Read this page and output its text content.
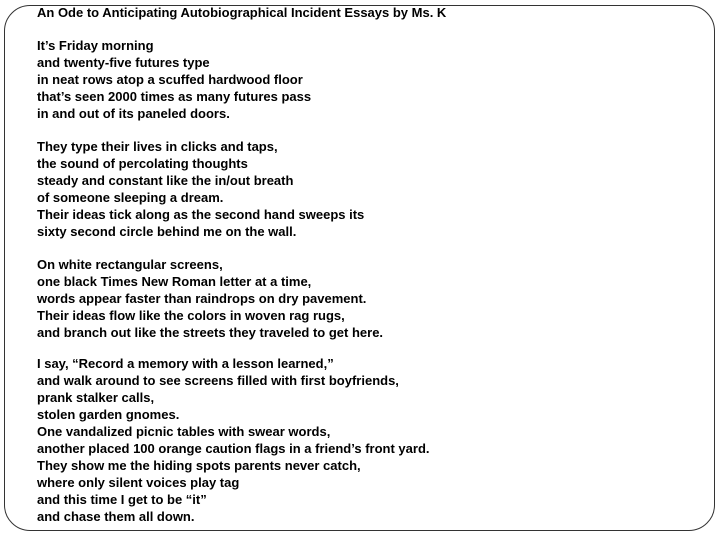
An Ode to Anticipating Autobiographical Incident Essays by Ms. K
It’s Friday morning
and twenty-five futures type
in neat rows atop a scuffed hardwood floor
that’s seen 2000 times as many futures pass
in and out of its paneled doors.
They type their lives in clicks and taps,
the sound of percolating thoughts
steady and constant like the in/out breath
of someone sleeping a dream.
Their ideas tick along as the second hand sweeps its
sixty second circle behind me on the wall.
On white rectangular screens,
one black Times New Roman letter at a time,
words appear faster than raindrops on dry pavement.
Their ideas flow like the colors in woven rag rugs,
and branch out like the streets they traveled to get here.
I say, “Record a memory with a lesson learned,”
and walk around to see screens filled with first boyfriends,
prank stalker calls,
stolen garden gnomes.
One vandalized picnic tables with swear words,
another placed 100 orange caution flags in a friend’s front yard.
They show me the hiding spots parents never catch,
where only silent voices play tag
and this time I get to be “it”
and chase them all down.
